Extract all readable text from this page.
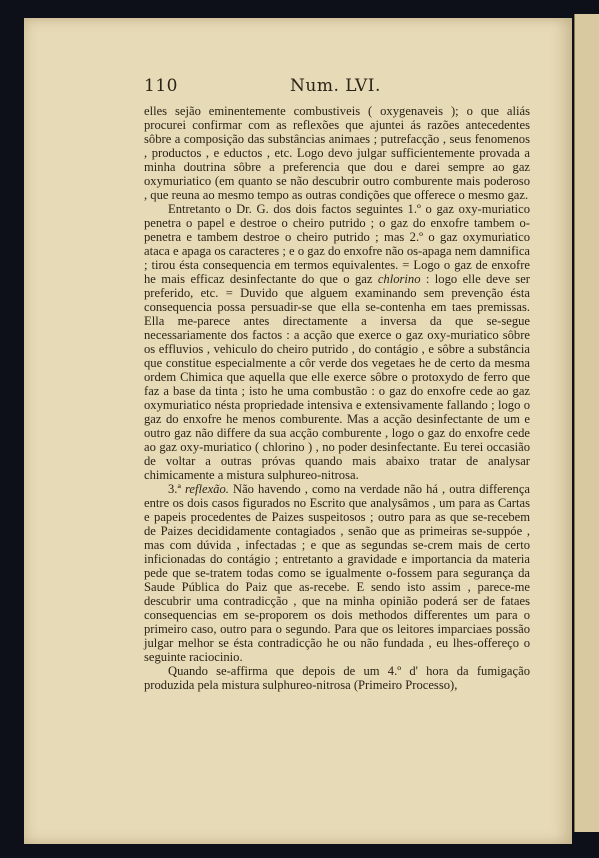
110	Num. LVI.

elles sejão eminentemente combustiveis ( oxygenaveis ); o que aliás procurei confirmar com as reflexões que ajuntei ás razões antecedentes sôbre a composição das substâncias animaes ; putrefacção , seus fenomenos , productos , e eductos , etc. Logo devo julgar sufficientemente provada a minha doutrina sôbre a preferencia que dou e darei sempre ao gaz oxymuriatico (em quanto se não descubrir outro comburente mais poderoso , que reuna ao mesmo tempo as outras condições que offerece o mesmo gaz.

Entretanto o Dr. G. dos dois factos seguintes 1.º o gaz oxy-muriatico penetra o papel e destroe o cheiro putrido ; o gaz do enxofre tambem o-penetra e tambem destroe o cheiro putrido ; mas 2.º o gaz oxymuriatico ataca e apaga os caracteres ; e o gaz do enxofre não os-apaga nem damnifica ; tirou ésta consequencia em termos equivalentes. = Logo o gaz de enxofre he mais efficaz desinfectante do que o gaz chlorino : logo elle deve ser preferido, etc. = Duvido que alguem examinando sem prevenção ésta consequencia possa persuadir-se que ella se-contenha em taes premissas. Ella me-parece antes directamente a inversa da que se-segue necessariamente dos factos : a acção que exerce o gaz oxy-muriatico sôbre os effluvios , vehiculo do cheiro putrido , do contágio , e sôbre a substância que constitue especialmente a côr verde dos vegetaes he de certo da mesma ordem Chimica que aquella que elle exerce sôbre o protoxydo de ferro que faz a base da tinta ; isto he uma combustão : o gaz do enxofre cede ao gaz oxymuriatico nésta propriedade intensiva e extensivamente fallando ; logo o gaz do enxofre he menos comburente. Mas a acção desinfectante de um e outro gaz não differe da sua acção comburente , logo o gaz do enxofre cede ao gaz oxy-muriatico ( chlorino ) , no poder desinfectante. Eu terei occasião de voltar a outras próvas quando mais abaixo tratar de analysar chimicamente a mistura sulphureo-nitrosa.

3.ª reflexão. Não havendo , como na verdade não há , outra differença entre os dois casos figurados no Escrito que analysâmos , um para as Cartas e papeis procedentes de Paizes suspeitosos ; outro para as que se-recebem de Paizes decididamente contagiados , senão que as primeiras se-suppóe , mas com dúvida , infectadas ; e que as segundas se-crem mais de certo inficionadas do contágio ; entretanto a gravidade e importancia da materia pede que se-tratem todas como se igualmente o-fossem para segurança da Saude Pública do Paiz que as-recebe. E sendo isto assim , parece-me descubrir uma contradicção , que na minha opinião poderá ser de fataes consequencias em se-proporem os dois methodos differentes um para o primeiro caso, outro para o segundo. Para que os leitores imparciaes possão julgar melhor se ésta contradicção he ou não fundada , eu lhes-offereço o seguinte raciocinio.

Quando se-affirma que depois de um 4.º d' hora da fumigação produzida pela mistura sulphureo-nitrosa (Primeiro Processo),
